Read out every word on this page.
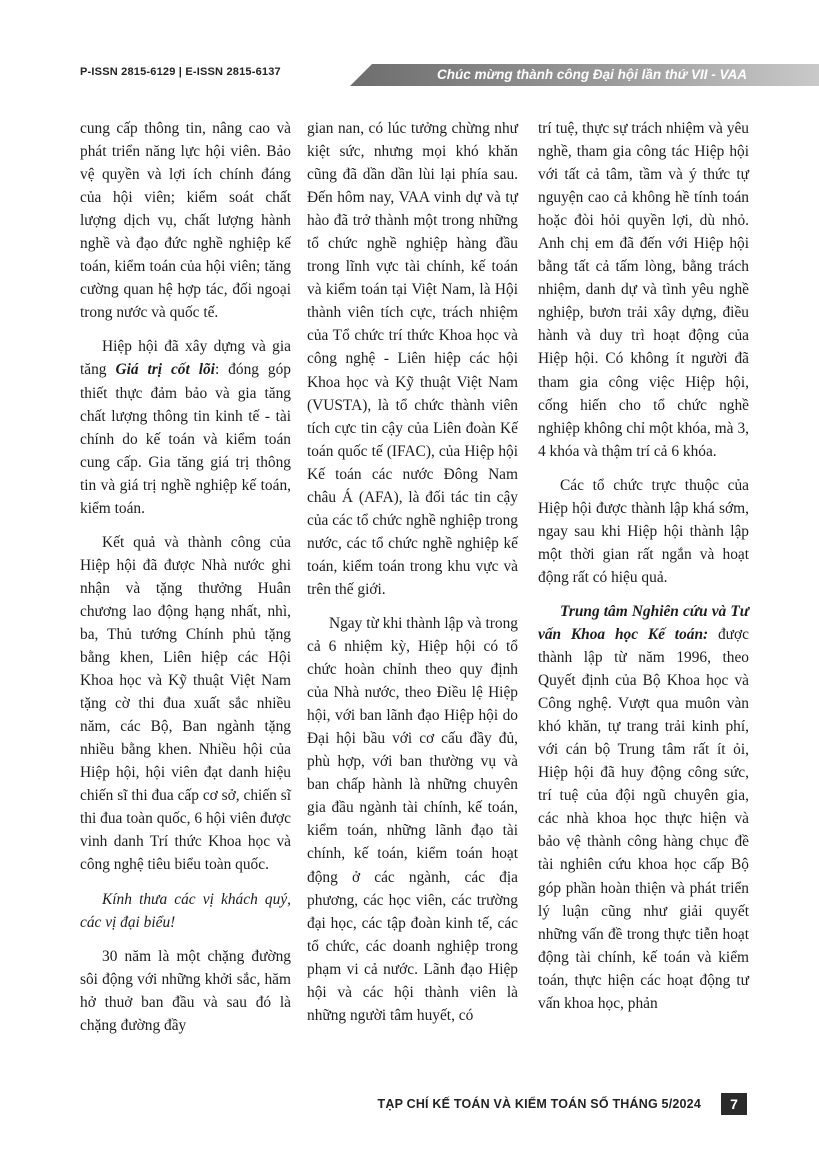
P-ISSN 2815-6129 | E-ISSN 2815-6137	Chúc mừng thành công Đại hội lần thứ VII - VAA

cung cấp thông tin, nâng cao và phát triển năng lực hội viên. Bảo vệ quyền và lợi ích chính đáng của hội viên; kiểm soát chất lượng dịch vụ, chất lượng hành nghề và đạo đức nghề nghiệp kế toán, kiểm toán của hội viên; tăng cường quan hệ hợp tác, đối ngoại trong nước và quốc tế.

Hiệp hội đã xây dựng và gia tăng Giá trị cốt lõi: đóng góp thiết thực đảm bảo và gia tăng chất lượng thông tin kinh tế - tài chính do kế toán và kiểm toán cung cấp. Gia tăng giá trị thông tin và giá trị nghề nghiệp kế toán, kiểm toán.

Kết quả và thành công của Hiệp hội đã được Nhà nước ghi nhận và tặng thưởng Huân chương lao động hạng nhất, nhì, ba, Thủ tướng Chính phủ tặng bằng khen, Liên hiệp các Hội Khoa học và Kỹ thuật Việt Nam tặng cờ thi đua xuất sắc nhiều năm, các Bộ, Ban ngành tặng nhiều bằng khen. Nhiều hội của Hiệp hội, hội viên đạt danh hiệu chiến sĩ thi đua cấp cơ sở, chiến sĩ thi đua toàn quốc, 6 hội viên được vinh danh Trí thức Khoa học và công nghệ tiêu biểu toàn quốc.

Kính thưa các vị khách quý, các vị đại biểu!

30 năm là một chặng đường sôi động với những khởi sắc, hăm hở thuở ban đầu và sau đó là chặng đường đầy

gian nan, có lúc tưởng chừng như kiệt sức, nhưng mọi khó khăn cũng đã dần dần lùi lại phía sau. Đến hôm nay, VAA vinh dự và tự hào đã trở thành một trong những tổ chức nghề nghiệp hàng đầu trong lĩnh vực tài chính, kế toán và kiểm toán tại Việt Nam, là Hội thành viên tích cực, trách nhiệm của Tổ chức trí thức Khoa học và công nghệ - Liên hiệp các hội Khoa học và Kỹ thuật Việt Nam (VUSTA), là tổ chức thành viên tích cực tin cậy của Liên đoàn Kế toán quốc tế (IFAC), của Hiệp hội Kế toán các nước Đông Nam châu Á (AFA), là đối tác tin cậy của các tổ chức nghề nghiệp trong nước, các tổ chức nghề nghiệp kế toán, kiểm toán trong khu vực và trên thế giới.

Ngay từ khi thành lập và trong cả 6 nhiệm kỳ, Hiệp hội có tổ chức hoàn chỉnh theo quy định của Nhà nước, theo Điều lệ Hiệp hội, với ban lãnh đạo Hiệp hội do Đại hội bầu với cơ cấu đầy đủ, phù hợp, với ban thường vụ và ban chấp hành là những chuyên gia đầu ngành tài chính, kế toán, kiểm toán, những lãnh đạo tài chính, kế toán, kiểm toán hoạt động ở các ngành, các địa phương, các học viên, các trường đại học, các tập đoàn kinh tế, các tổ chức, các doanh nghiệp trong phạm vi cả nước. Lãnh đạo Hiệp hội và các hội thành viên là những người tâm huyết, có

trí tuệ, thực sự trách nhiệm và yêu nghề, tham gia công tác Hiệp hội với tất cả tâm, tầm và ý thức tự nguyện cao cả không hề tính toán hoặc đòi hỏi quyền lợi, dù nhỏ. Anh chị em đã đến với Hiệp hội bằng tất cả tấm lòng, bằng trách nhiệm, danh dự và tình yêu nghề nghiệp, bươn trải xây dựng, điều hành và duy trì hoạt động của Hiệp hội. Có không ít người đã tham gia công việc Hiệp hội, cống hiến cho tổ chức nghề nghiệp không chỉ một khóa, mà 3, 4 khóa và thậm trí cả 6 khóa.

Các tổ chức trực thuộc của Hiệp hội được thành lập khá sớm, ngay sau khi Hiệp hội thành lập một thời gian rất ngắn và hoạt động rất có hiệu quả.

Trung tâm Nghiên cứu và Tư vấn Khoa học Kế toán: được thành lập từ năm 1996, theo Quyết định của Bộ Khoa học và Công nghệ. Vượt qua muôn vàn khó khăn, tự trang trải kinh phí, với cán bộ Trung tâm rất ít ỏi, Hiệp hội đã huy động công sức, trí tuệ của đội ngũ chuyên gia, các nhà khoa học thực hiện và bảo vệ thành công hàng chục đề tài nghiên cứu khoa học cấp Bộ góp phần hoàn thiện và phát triển lý luận cũng như giải quyết những vấn đề trong thực tiễn hoạt động tài chính, kế toán và kiểm toán, thực hiện các hoạt động tư vấn khoa học, phản

TẠP CHÍ KẾ TOÁN VÀ KIỂM TOÁN SỐ THÁNG 5/2024	7
